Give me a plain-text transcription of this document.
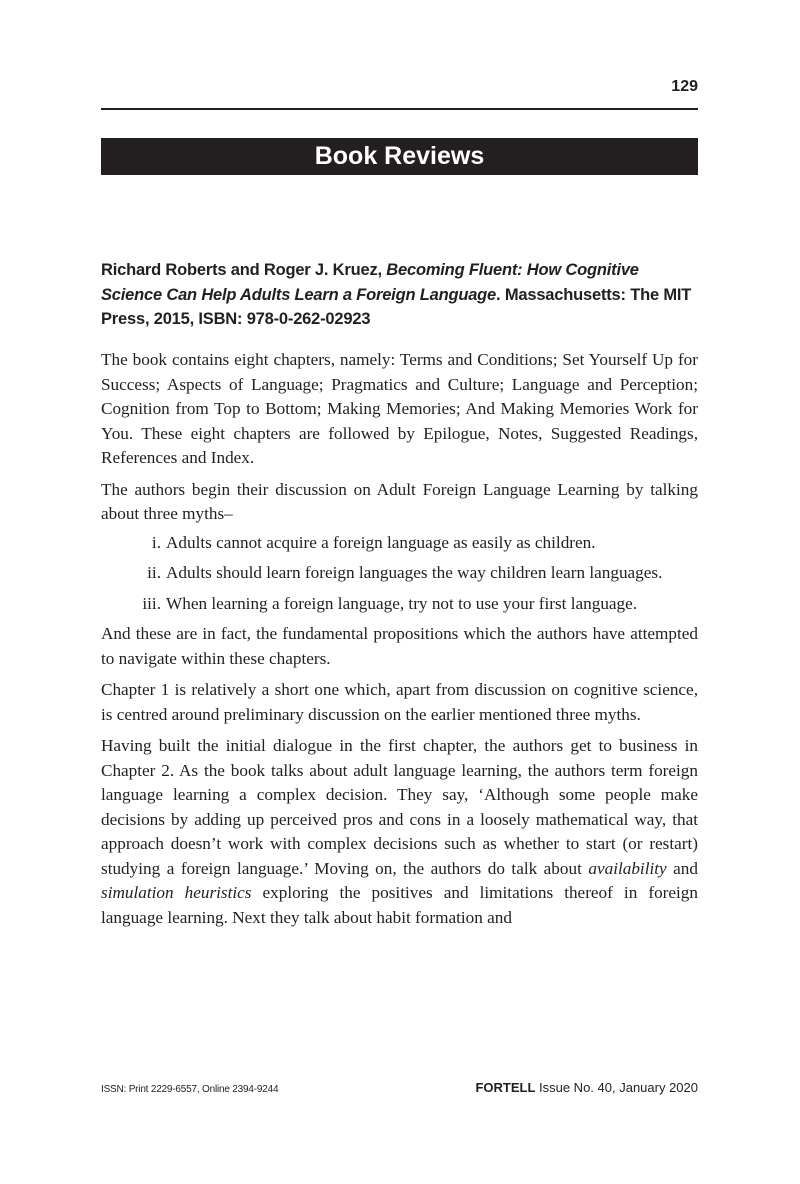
129
Book Reviews
Richard Roberts and Roger J. Kruez, Becoming Fluent: How Cognitive Science Can Help Adults Learn a Foreign Language. Massachusetts: The MIT Press, 2015, ISBN: 978-0-262-02923

The book contains eight chapters, namely: Terms and Conditions; Set Yourself Up for Success; Aspects of Language; Pragmatics and Culture; Language and Perception; Cognition from Top to Bottom; Making Memories; And Making Memories Work for You. These eight chapters are followed by Epilogue, Notes, Suggested Readings, References and Index.

The authors begin their discussion on Adult Foreign Language Learning by talking about three myths–

i. Adults cannot acquire a foreign language as easily as children.
ii. Adults should learn foreign languages the way children learn languages.
iii. When learning a foreign language, try not to use your first language.

And these are in fact, the fundamental propositions which the authors have attempted to navigate within these chapters.

Chapter 1 is relatively a short one which, apart from discussion on cognitive science, is centred around preliminary discussion on the earlier mentioned three myths.

Having built the initial dialogue in the first chapter, the authors get to business in Chapter 2. As the book talks about adult language learning, the authors term foreign language learning a complex decision. They say, ‘Although some people make decisions by adding up perceived pros and cons in a loosely mathematical way, that approach doesn’t work with complex decisions such as whether to start (or restart) studying a foreign language.’ Moving on, the authors do talk about availability and simulation heuristics exploring the positives and limitations thereof in foreign language learning. Next they talk about habit formation and

ISSN: Print 2229-6557, Online 2394-9244	FORTELL Issue No. 40, January 2020
